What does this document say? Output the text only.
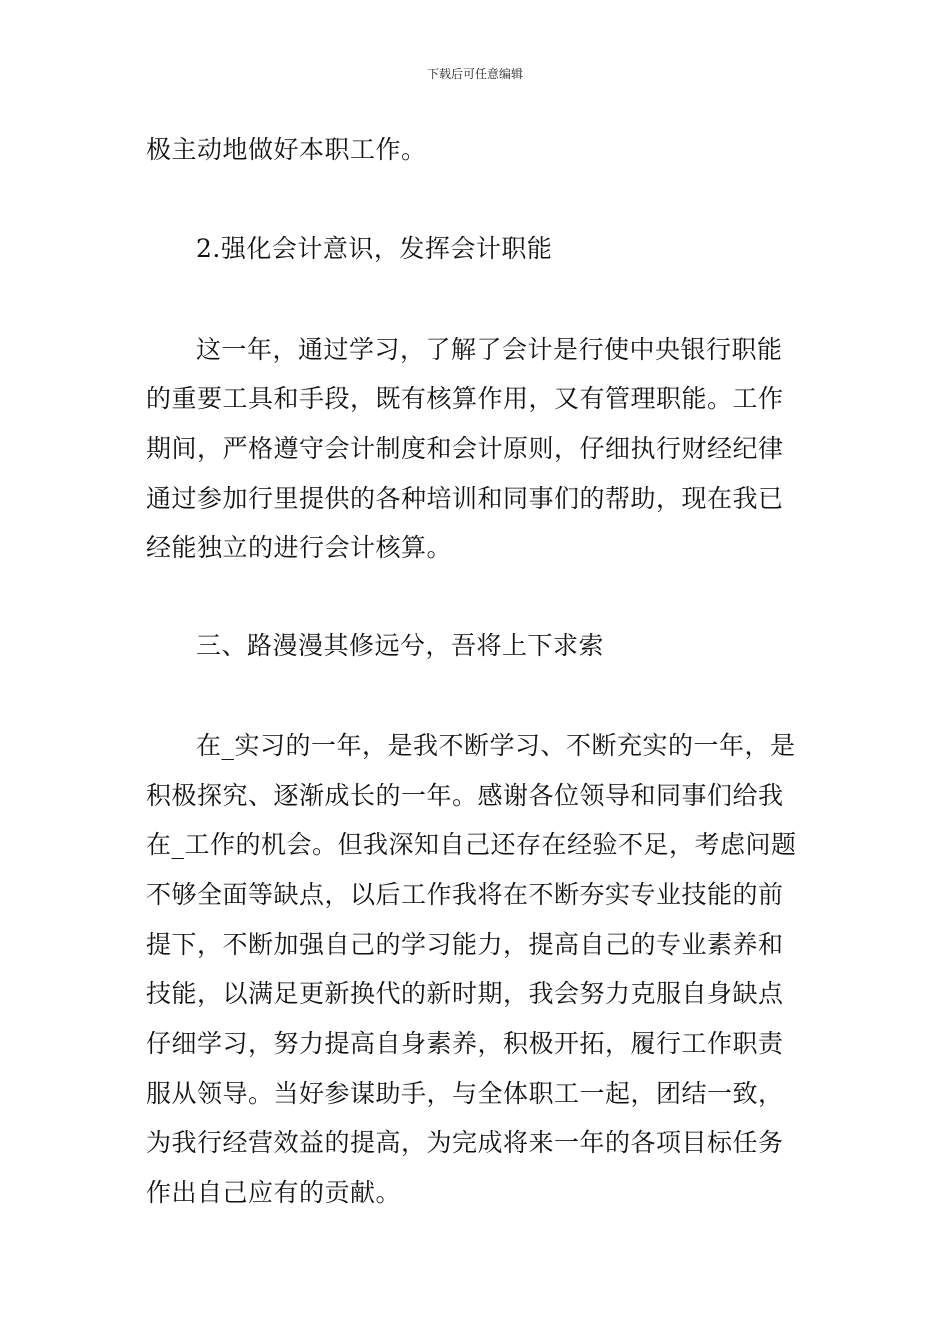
下载后可任意编辑
极主动地做好本职工作。
2.强化会计意识，发挥会计职能
这一年，通过学习，了解了会计是行使中央银行职能
的重要工具和手段，既有核算作用，又有管理职能。工作
期间，严格遵守会计制度和会计原则，仔细执行财经纪律
通过参加行里提供的各种培训和同事们的帮助，现在我已
经能独立的进行会计核算。
三、路漫漫其修远兮，吾将上下求索
在_实习的一年，是我不断学习、不断充实的一年，是
积极探究、逐渐成长的一年。感谢各位领导和同事们给我
在_工作的机会。但我深知自己还存在经验不足，考虑问题
不够全面等缺点，以后工作我将在不断夯实专业技能的前
提下，不断加强自己的学习能力，提高自己的专业素养和
技能，以满足更新换代的新时期，我会努力克服自身缺点
仔细学习，努力提高自身素养，积极开拓，履行工作职责
服从领导。当好参谋助手，与全体职工一起，团结一致，
为我行经营效益的提高，为完成将来一年的各项目标任务
作出自己应有的贡献。
